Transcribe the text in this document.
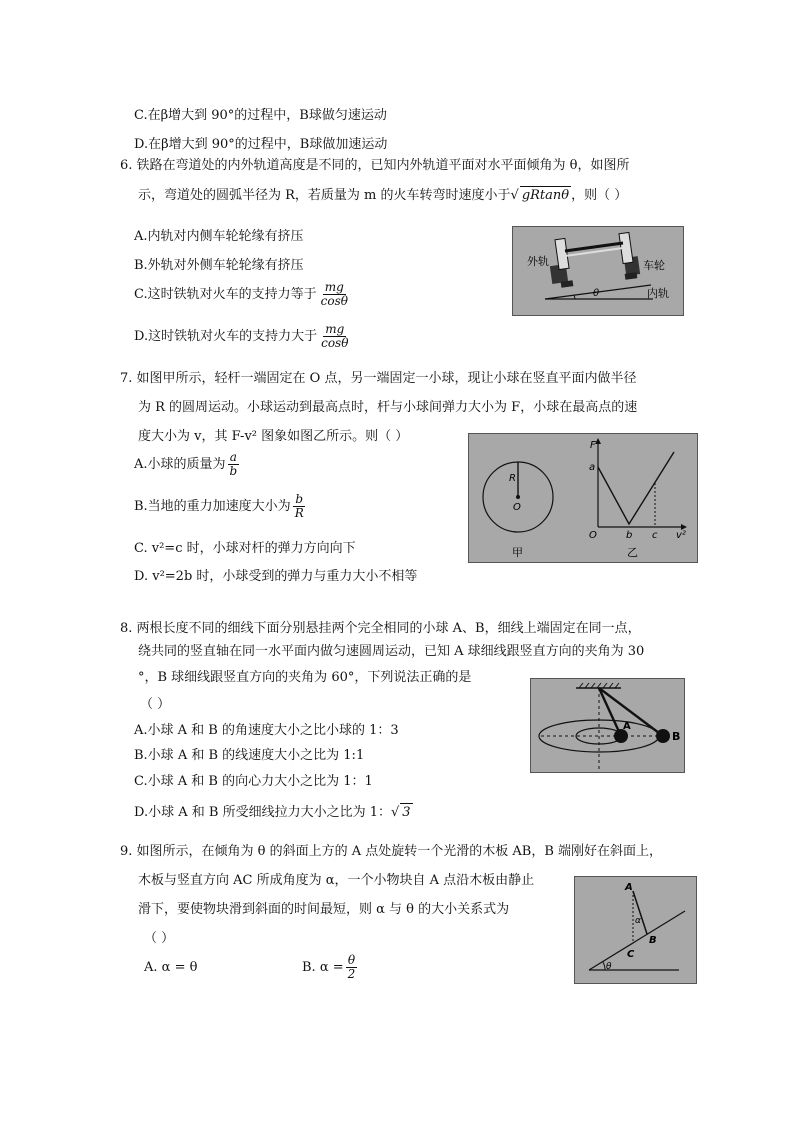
C.在β增大到 90°的过程中，B球做匀速运动
D.在β增大到 90°的过程中，B球做加速运动
6. 铁路在弯道处的内外轨道高度是不同的，已知内外轨道平面对水平面倾角为 θ，如图所
示，弯道处的圆弧半径为 R，若质量为 m 的火车转弯时速度小于√ gRtanθ ，则（ ）
A.内轨对内侧车轮轮缘有挤压
B.外轨对外侧车轮轮缘有挤压
C.这时铁轨对火车的支持力等于 $\frac{mg}{\cos\theta}$
D.这时铁轨对火车的支持力大于 $\frac{mg}{\cos\theta}$
外轨	车轮
内轨
θ
7. 如图甲所示，轻杆一端固定在 O 点，另一端固定一小球，现让小球在竖直平面内做半径
为 R 的圆周运动。小球运动到最高点时，杆与小球间弹力大小为 F，小球在最高点的速
度大小为 v，其 F-v² 图象如图乙所示。则（ ）
A.小球的质量为 $\frac{a}{b}$
B.当地的重力加速度大小为 $\frac{b}{R}$
C. v²=c 时，小球对杆的弹力方向向下
D. v²=2b 时，小球受到的弹力与重力大小不相等
R
O
甲
F
a
O	b c v²
乙
8. 两根长度不同的细线下面分别悬挂两个完全相同的小球 A、B，细线上端固定在同一点，
绕共同的竖直轴在同一水平面内做匀速圆周运动，已知 A 球细线跟竖直方向的夹角为 30
°，B 球细线跟竖直方向的夹角为 60°，下列说法正确的是
（ ）
A.小球 A 和 B 的角速度大小之比小球的 1：3
B.小球 A 和 B 的线速度大小之比为 1:1
C.小球 A 和 B 的向心力大小之比为 1：1
D.小球 A 和 B 所受细线拉力大小之比为 1：√ 3
A
B
9. 如图所示，在倾角为 θ 的斜面上方的 A 点处旋转一个光滑的木板 AB，B 端刚好在斜面上，
木板与竖直方向 AC 所成角度为 α，一个小物块自 A 点沿木板由静止
滑下，要使物块滑到斜面的时间最短，则 α 与 θ 的大小关系式为
（ ）
A. α = θ	B. $\alpha = \frac{\theta}{2}$
A
α
B
C
θ
